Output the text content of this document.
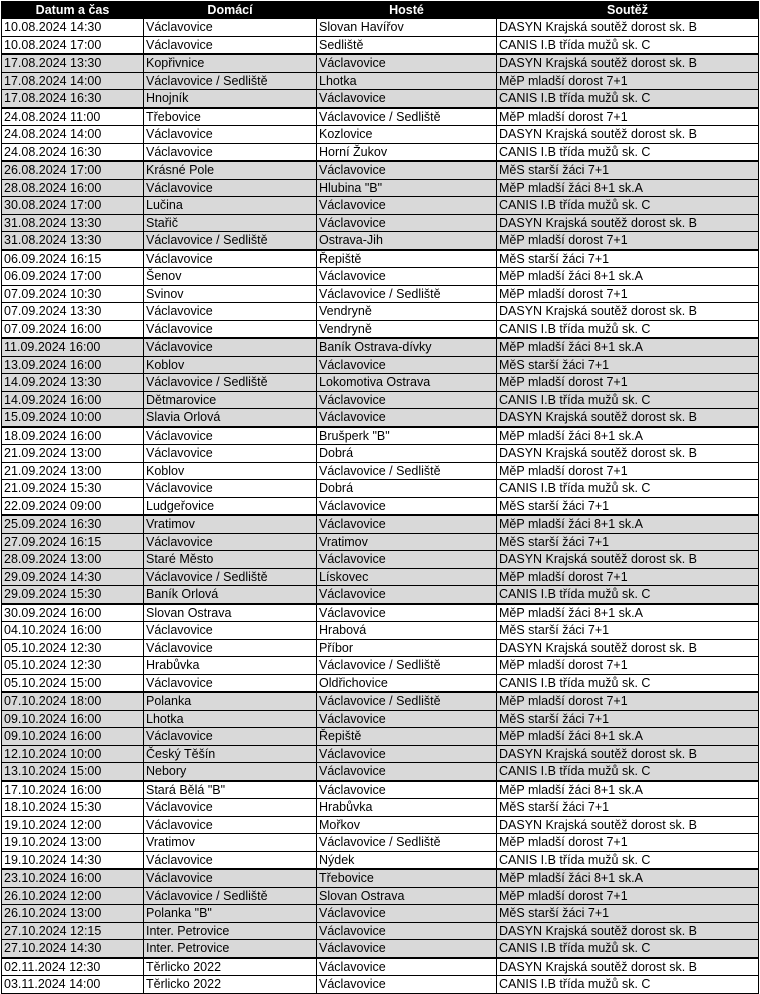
Datum a čas	Domácí	Hosté	Soutěž
10.08.2024 14:30	Václavovice	Slovan Havířov	DASYN Krajská soutěž dorost sk. B
10.08.2024 17:00	Václavovice	Sedliště	CANIS I.B třída mužů sk. C
17.08.2024 13:30	Kopřivnice	Václavovice	DASYN Krajská soutěž dorost sk. B
17.08.2024 14:00	Václavovice / Sedliště	Lhotka	MěP mladší dorost 7+1
17.08.2024 16:30	Hnojník	Václavovice	CANIS I.B třída mužů sk. C
24.08.2024 11:00	Třebovice	Václavovice / Sedliště	MěP mladší dorost 7+1
24.08.2024 14:00	Václavovice	Kozlovice	DASYN Krajská soutěž dorost sk. B
24.08.2024 16:30	Václavovice	Horní Žukov	CANIS I.B třída mužů sk. C
26.08.2024 17:00	Krásné Pole	Václavovice	MěS starší žáci 7+1
28.08.2024 16:00	Václavovice	Hlubina "B"	MěP mladší žáci 8+1 sk.A
30.08.2024 17:00	Lučina	Václavovice	CANIS I.B třída mužů sk. C
31.08.2024 13:30	Stařič	Václavovice	DASYN Krajská soutěž dorost sk. B
31.08.2024 13:30	Václavovice / Sedliště	Ostrava-Jih	MěP mladší dorost 7+1
06.09.2024 16:15	Václavovice	Řepiště	MěS starší žáci 7+1
06.09.2024 17:00	Šenov	Václavovice	MěP mladší žáci 8+1 sk.A
07.09.2024 10:30	Svinov	Václavovice / Sedliště	MěP mladší dorost 7+1
07.09.2024 13:30	Václavovice	Vendryně	DASYN Krajská soutěž dorost sk. B
07.09.2024 16:00	Václavovice	Vendryně	CANIS I.B třída mužů sk. C
11.09.2024 16:00	Václavovice	Baník Ostrava-dívky	MěP mladší žáci 8+1 sk.A
13.09.2024 16:00	Koblov	Václavovice	MěS starší žáci 7+1
14.09.2024 13:30	Václavovice / Sedliště	Lokomotiva Ostrava	MěP mladší dorost 7+1
14.09.2024 16:00	Dětmarovice	Václavovice	CANIS I.B třída mužů sk. C
15.09.2024 10:00	Slavia Orlová	Václavovice	DASYN Krajská soutěž dorost sk. B
18.09.2024 16:00	Václavovice	Brušperk "B"	MěP mladší žáci 8+1 sk.A
21.09.2024 13:00	Václavovice	Dobrá	DASYN Krajská soutěž dorost sk. B
21.09.2024 13:00	Koblov	Václavovice / Sedliště	MěP mladší dorost 7+1
21.09.2024 15:30	Václavovice	Dobrá	CANIS I.B třída mužů sk. C
22.09.2024 09:00	Ludgeřovice	Václavovice	MěS starší žáci 7+1
25.09.2024 16:30	Vratimov	Václavovice	MěP mladší žáci 8+1 sk.A
27.09.2024 16:15	Václavovice	Vratimov	MěS starší žáci 7+1
28.09.2024 13:00	Staré Město	Václavovice	DASYN Krajská soutěž dorost sk. B
29.09.2024 14:30	Václavovice / Sedliště	Lískovec	MěP mladší dorost 7+1
29.09.2024 15:30	Baník Orlová	Václavovice	CANIS I.B třída mužů sk. C
30.09.2024 16:00	Slovan Ostrava	Václavovice	MěP mladší žáci 8+1 sk.A
04.10.2024 16:00	Václavovice	Hrabová	MěS starší žáci 7+1
05.10.2024 12:30	Václavovice	Příbor	DASYN Krajská soutěž dorost sk. B
05.10.2024 12:30	Hrabůvka	Václavovice / Sedliště	MěP mladší dorost 7+1
05.10.2024 15:00	Václavovice	Oldřichovice	CANIS I.B třída mužů sk. C
07.10.2024 18:00	Polanka	Václavovice / Sedliště	MěP mladší dorost 7+1
09.10.2024 16:00	Lhotka	Václavovice	MěS starší žáci 7+1
09.10.2024 16:00	Václavovice	Řepiště	MěP mladší žáci 8+1 sk.A
12.10.2024 10:00	Český Těšín	Václavovice	DASYN Krajská soutěž dorost sk. B
13.10.2024 15:00	Nebory	Václavovice	CANIS I.B třída mužů sk. C
17.10.2024 16:00	Stará Bělá "B"	Václavovice	MěP mladší žáci 8+1 sk.A
18.10.2024 15:30	Václavovice	Hrabůvka	MěS starší žáci 7+1
19.10.2024 12:00	Václavovice	Mořkov	DASYN Krajská soutěž dorost sk. B
19.10.2024 13:00	Vratimov	Václavovice / Sedliště	MěP mladší dorost 7+1
19.10.2024 14:30	Václavovice	Nýdek	CANIS I.B třída mužů sk. C
23.10.2024 16:00	Václavovice	Třebovice	MěP mladší žáci 8+1 sk.A
26.10.2024 12:00	Václavovice / Sedliště	Slovan Ostrava	MěP mladší dorost 7+1
26.10.2024 13:00	Polanka "B"	Václavovice	MěS starší žáci 7+1
27.10.2024 12:15	Inter. Petrovice	Václavovice	DASYN Krajská soutěž dorost sk. B
27.10.2024 14:30	Inter. Petrovice	Václavovice	CANIS I.B třída mužů sk. C
02.11.2024 12:30	Těrlicko 2022	Václavovice	DASYN Krajská soutěž dorost sk. B
03.11.2024 14:00	Těrlicko 2022	Václavovice	CANIS I.B třída mužů sk. C
